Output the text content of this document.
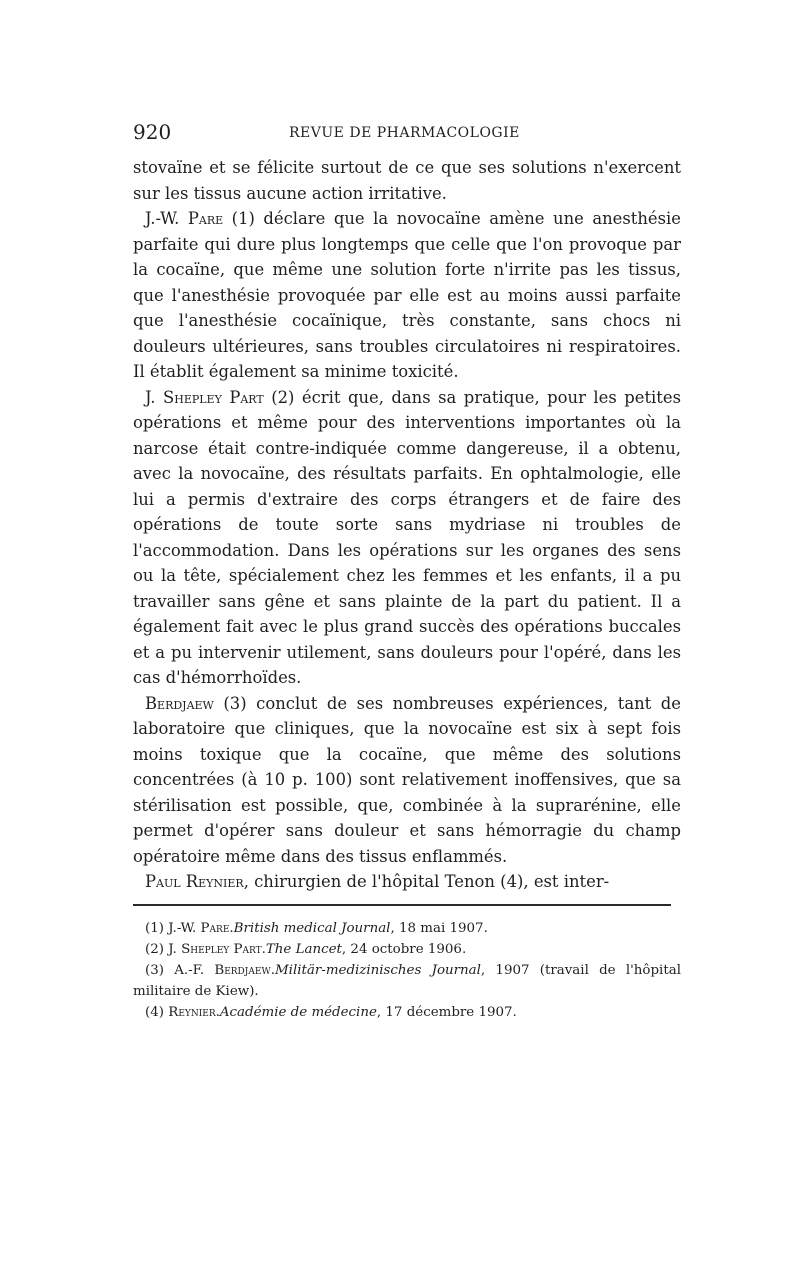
920	REVUE DE PHARMACOLOGIE

stovaïne et se félicite surtout de ce que ses solutions n'exercent sur les tissus aucune action irritative.

J.-W. Pare (1) déclare que la novocaïne amène une anesthésie parfaite qui dure plus longtemps que celle que l'on provoque par la cocaïne, que même une solution forte n'irrite pas les tissus, que l'anesthésie provoquée par elle est au moins aussi parfaite que l'anesthésie cocaïnique, très constante, sans chocs ni douleurs ultérieures, sans troubles circulatoires ni respiratoires. Il établit également sa minime toxicité.

J. Shepley Part (2) écrit que, dans sa pratique, pour les petites opérations et même pour des interventions importantes où la narcose était contre-indiquée comme dangereuse, il a obtenu, avec la novocaïne, des résultats parfaits. En ophtalmologie, elle lui a permis d'extraire des corps étrangers et de faire des opérations de toute sorte sans mydriase ni troubles de l'accommodation. Dans les opérations sur les organes des sens ou la tête, spécialement chez les femmes et les enfants, il a pu travailler sans gêne et sans plainte de la part du patient. Il a également fait avec le plus grand succès des opérations buccales et a pu intervenir utilement, sans douleurs pour l'opéré, dans les cas d'hémorrhoïdes.

Berdjaew (3) conclut de ses nombreuses expériences, tant de laboratoire que cliniques, que la novocaïne est six à sept fois moins toxique que la cocaïne, que même des solutions concentrées (à 10 p. 100) sont relativement inoffensives, que sa stérilisation est possible, que, combinée à la suprarénine, elle permet d'opérer sans douleur et sans hémorragie du champ opératoire même dans des tissus enflammés.

Paul Reynier, chirurgien de l'hôpital Tenon (4), est inter-

(1) J.-W. Pare.British medical Journal, 18 mai 1907.

(2) J. Shepley Part.The Lancet, 24 octobre 1906.

(3) A.-F. Berdjaew.Militär-medizinisches Journal, 1907 (travail de l'hôpital militaire de Kiew).

(4) Reynier.Académie de médecine, 17 décembre 1907.
